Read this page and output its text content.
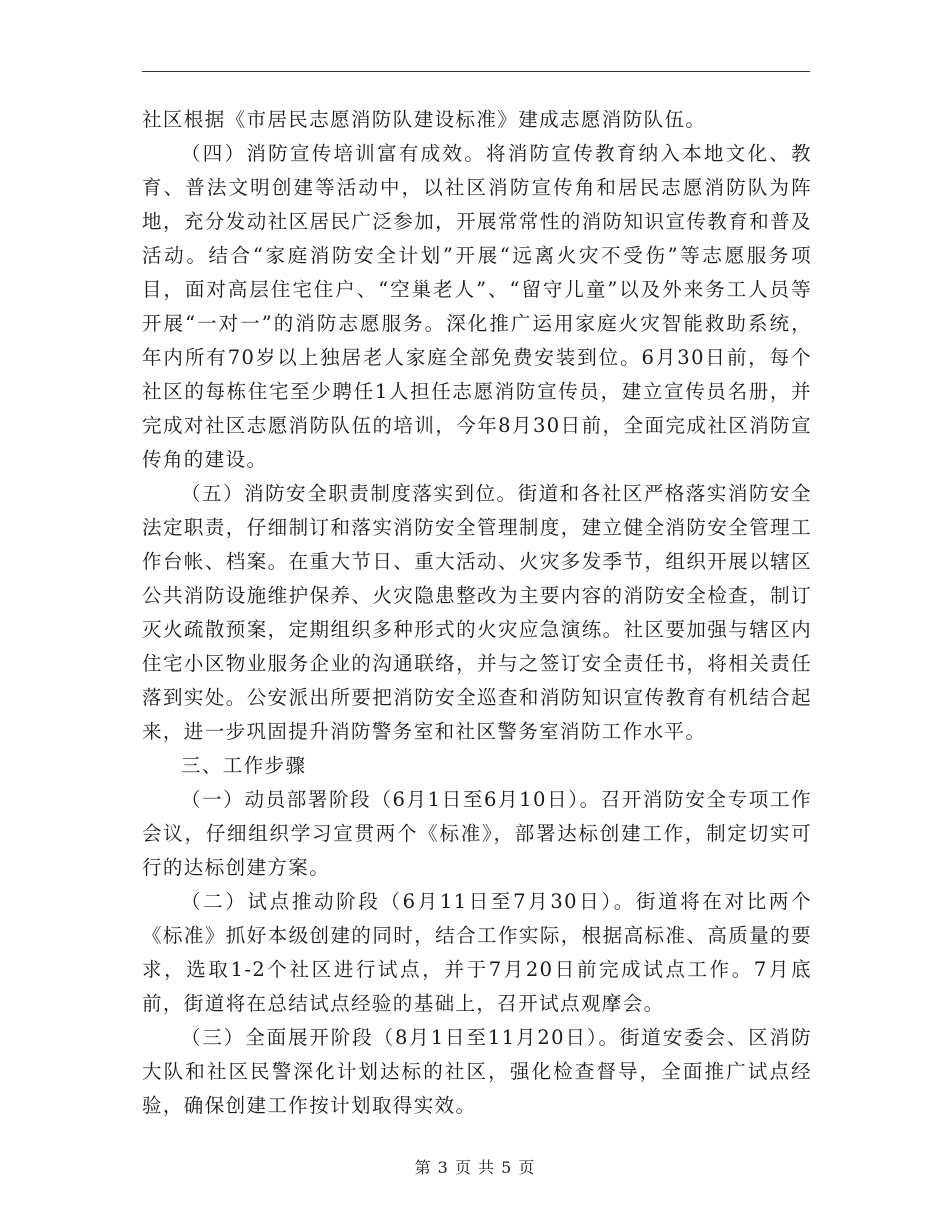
社区根据《市居民志愿消防队建设标准》建成志愿消防队伍。

（四）消防宣传培训富有成效。将消防宣传教育纳入本地文化、教育、普法文明创建等活动中，以社区消防宣传角和居民志愿消防队为阵地，充分发动社区居民广泛参加，开展常常性的消防知识宣传教育和普及活动。结合“家庭消防安全计划”开展“远离火灾不受伤”等志愿服务项目，面对高层住宅住户、“空巢老人”、“留守儿童”以及外来务工人员等开展“一对一”的消防志愿服务。深化推广运用家庭火灾智能救助系统，年内所有70岁以上独居老人家庭全部免费安装到位。6月30日前，每个社区的每栋住宅至少聘任1人担任志愿消防宣传员，建立宣传员名册，并完成对社区志愿消防队伍的培训，今年8月30日前，全面完成社区消防宣传角的建设。

（五）消防安全职责制度落实到位。街道和各社区严格落实消防安全法定职责，仔细制订和落实消防安全管理制度，建立健全消防安全管理工作台帐、档案。在重大节日、重大活动、火灾多发季节，组织开展以辖区公共消防设施维护保养、火灾隐患整改为主要内容的消防安全检查，制订灭火疏散预案，定期组织多种形式的火灾应急演练。社区要加强与辖区内住宅小区物业服务企业的沟通联络，并与之签订安全责任书，将相关责任落到实处。公安派出所要把消防安全巡查和消防知识宣传教育有机结合起来，进一步巩固提升消防警务室和社区警务室消防工作水平。

三、工作步骤

（一）动员部署阶段（6月1日至6月10日）。召开消防安全专项工作会议，仔细组织学习宣贯两个《标准》，部署达标创建工作，制定切实可行的达标创建方案。

（二）试点推动阶段（6月11日至7月30日）。街道将在对比两个《标准》抓好本级创建的同时，结合工作实际，根据高标准、高质量的要求，选取1-2个社区进行试点，并于7月20日前完成试点工作。7月底前，街道将在总结试点经验的基础上，召开试点观摩会。

（三）全面展开阶段（8月1日至11月20日）。街道安委会、区消防大队和社区民警深化计划达标的社区，强化检查督导，全面推广试点经验，确保创建工作按计划取得实效。

第 3 页 共 5 页
